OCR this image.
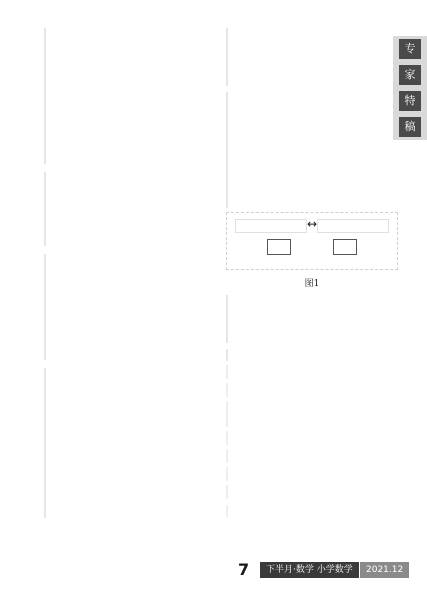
↔
图1
专
家
特
稿
7	下半月·数学 小学数学	2021.12
